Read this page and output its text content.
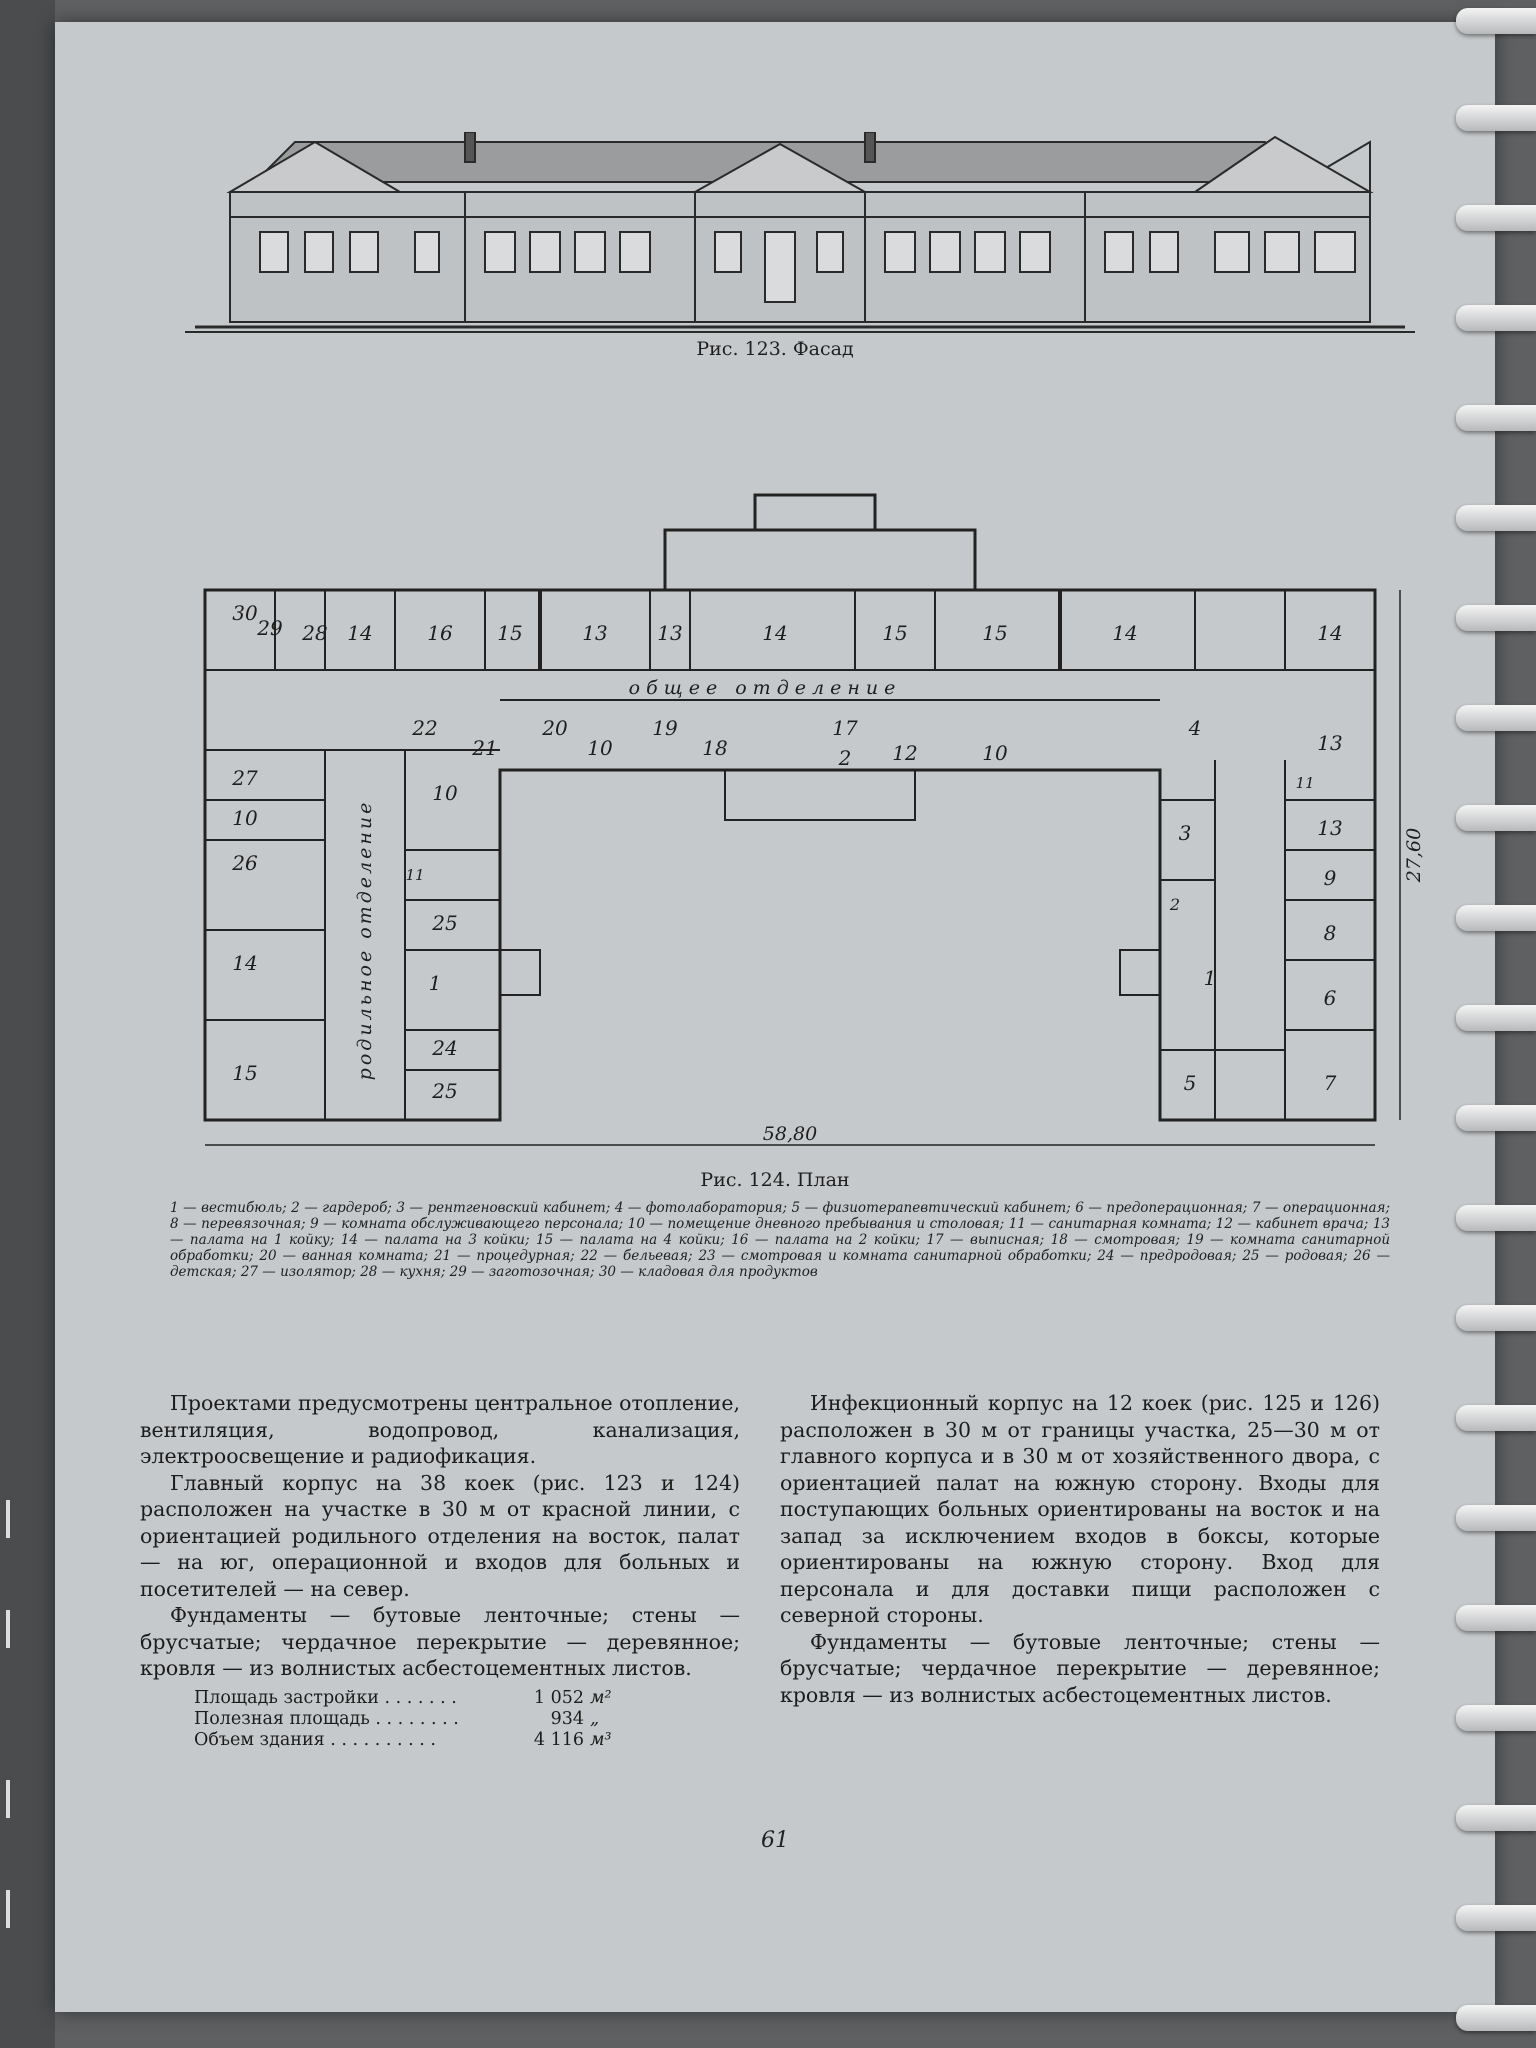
Рис. 123. Фасад
30
29 28 14	16 15	13 13	14	15	15	14	14
13
22	20
21	10
19
18
17
2 12	10
4
13
27
10
11
10
26	11
3
9
2
25
14
8
1	1
6
24
15
25	5	7
общее отделение
родильное отделение
58,80
27,60
Рис. 124. План
1 — вестибюль; 2 — гардероб; 3 — рентгеновский кабинет; 4 — фотолаборатория; 5 — физиотерапевтический кабинет; 6 — предоперационная; 7 — операционная; 8 — перевязочная; 9 — комната обслуживающего персонала; 10 — помещение дневного пребывания и столовая; 11 — санитарная комната; 12 — кабинет врача; 13 — палата на 1 койку; 14 — палата на 3 койки; 15 — палата на 4 койки; 16 — палата на 2 койки; 17 — выписная; 18 — смотровая; 19 — комната санитарной обработки; 20 — ванная комната; 21 — процедурная; 22 — бельевая; 23 — смотровая и комната санитарной обработки; 24 — предродовая; 25 — родовая; 26 — детская; 27 — изолятор; 28 — кухня; 29 — заготозочная; 30 — кладовая для продуктов

Проектами предусмотрены центральное отопление, вентиляция, водопровод, канализация, электроосвещение и радиофикация.

Главный корпус на 38 коек (рис. 123 и 124) расположен на участке в 30 м от красной линии, с ориентацией родильного отделения на восток, палат — на юг, операционной и входов для больных и посетителей — на север.

Фундаменты — бутовые ленточные; стены — брусчатые; чердачное перекрытие — деревянное; кровля — из волнистых асбестоцементных листов.

Площадь застройки . . . . . . .	1 052 м²
Полезная площадь . . . . . . . .	934 „
Объем здания . . . . . . . . . .	4 116 м³

Инфекционный корпус на 12 коек (рис. 125 и 126) расположен в 30 м от границы участка, 25—30 м от главного корпуса и в 30 м от хозяйственного двора, с ориентацией палат на южную сторону. Входы для поступающих больных ориентированы на восток и на запад за исключением входов в боксы, которые ориентированы на южную сторону. Вход для персонала и для доставки пищи расположен с северной стороны.

Фундаменты — бутовые ленточные; стены — брусчатые; чердачное перекрытие — деревянное; кровля — из волнистых асбестоцементных листов.

61
